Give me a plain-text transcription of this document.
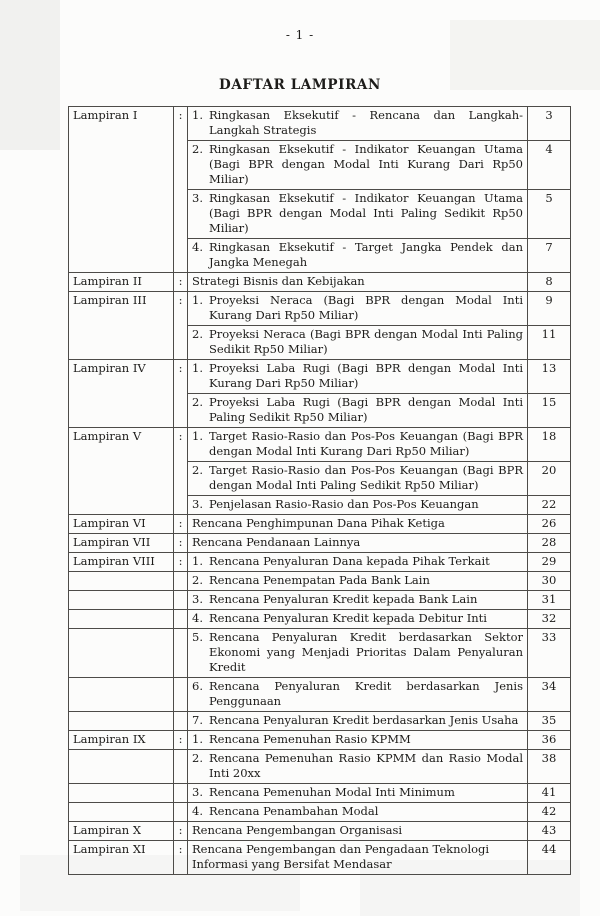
- 1 -
DAFTAR LAMPIRAN
Lampiran I	:	1. Ringkasan Eksekutif - Rencana dan Langkah-Langkah Strategis	3

		2. Ringkasan Eksekutif - Indikator Keuangan Utama (Bagi BPR dengan Modal Inti Kurang Dari Rp50 Miliar)	4

		3. Ringkasan Eksekutif - Indikator Keuangan Utama (Bagi BPR dengan Modal Inti Paling Sedikit Rp50 Miliar)	5

		4. Ringkasan Eksekutif - Target Jangka Pendek dan Jangka Menegah	7
Lampiran II	:	Strategi Bisnis dan Kebijakan	8
Lampiran III	:	1. Proyeksi Neraca (Bagi BPR dengan Modal Inti Kurang Dari Rp50 Miliar)	9

		2. Proyeksi Neraca (Bagi BPR dengan Modal Inti Paling Sedikit Rp50 Miliar)	11
Lampiran IV	:	1. Proyeksi Laba Rugi (Bagi BPR dengan Modal Inti Kurang Dari Rp50 Miliar)	13

		2. Proyeksi Laba Rugi (Bagi BPR dengan Modal Inti Paling Sedikit Rp50 Miliar)	15
Lampiran V	:	1. Target Rasio-Rasio dan Pos-Pos Keuangan (Bagi BPR dengan Modal Inti Kurang Dari Rp50 Miliar)	18

		2. Target Rasio-Rasio dan Pos-Pos Keuangan (Bagi BPR dengan Modal Inti Paling Sedikit Rp50 Miliar)	20

		3. Penjelasan Rasio-Rasio dan Pos-Pos Keuangan	22
Lampiran VI	:	Rencana Penghimpunan Dana Pihak Ketiga	26
Lampiran VII	:	Rencana Pendanaan Lainnya	28
Lampiran VIII	:	1. Rencana Penyaluran Dana kepada Pihak Terkait	29

		2. Rencana Penempatan Pada Bank Lain	30

		3. Rencana Penyaluran Kredit kepada Bank Lain	31

		4. Rencana Penyaluran Kredit kepada Debitur Inti	32

		5. Rencana Penyaluran Kredit berdasarkan Sektor Ekonomi yang Menjadi Prioritas Dalam Penyaluran Kredit	33

		6. Rencana Penyaluran Kredit berdasarkan Jenis Penggunaan	34

		7. Rencana Penyaluran Kredit berdasarkan Jenis Usaha	35
Lampiran IX	:	1. Rencana Pemenuhan Rasio KPMM	36

		2. Rencana Pemenuhan Rasio KPMM dan Rasio Modal Inti 20xx	38

		3. Rencana Pemenuhan Modal Inti Minimum	41

		4. Rencana Penambahan Modal	42
Lampiran X	:	Rencana Pengembangan Organisasi	43
Lampiran XI	:	Rencana Pengembangan dan Pengadaan Teknologi Informasi yang Bersifat Mendasar	44
